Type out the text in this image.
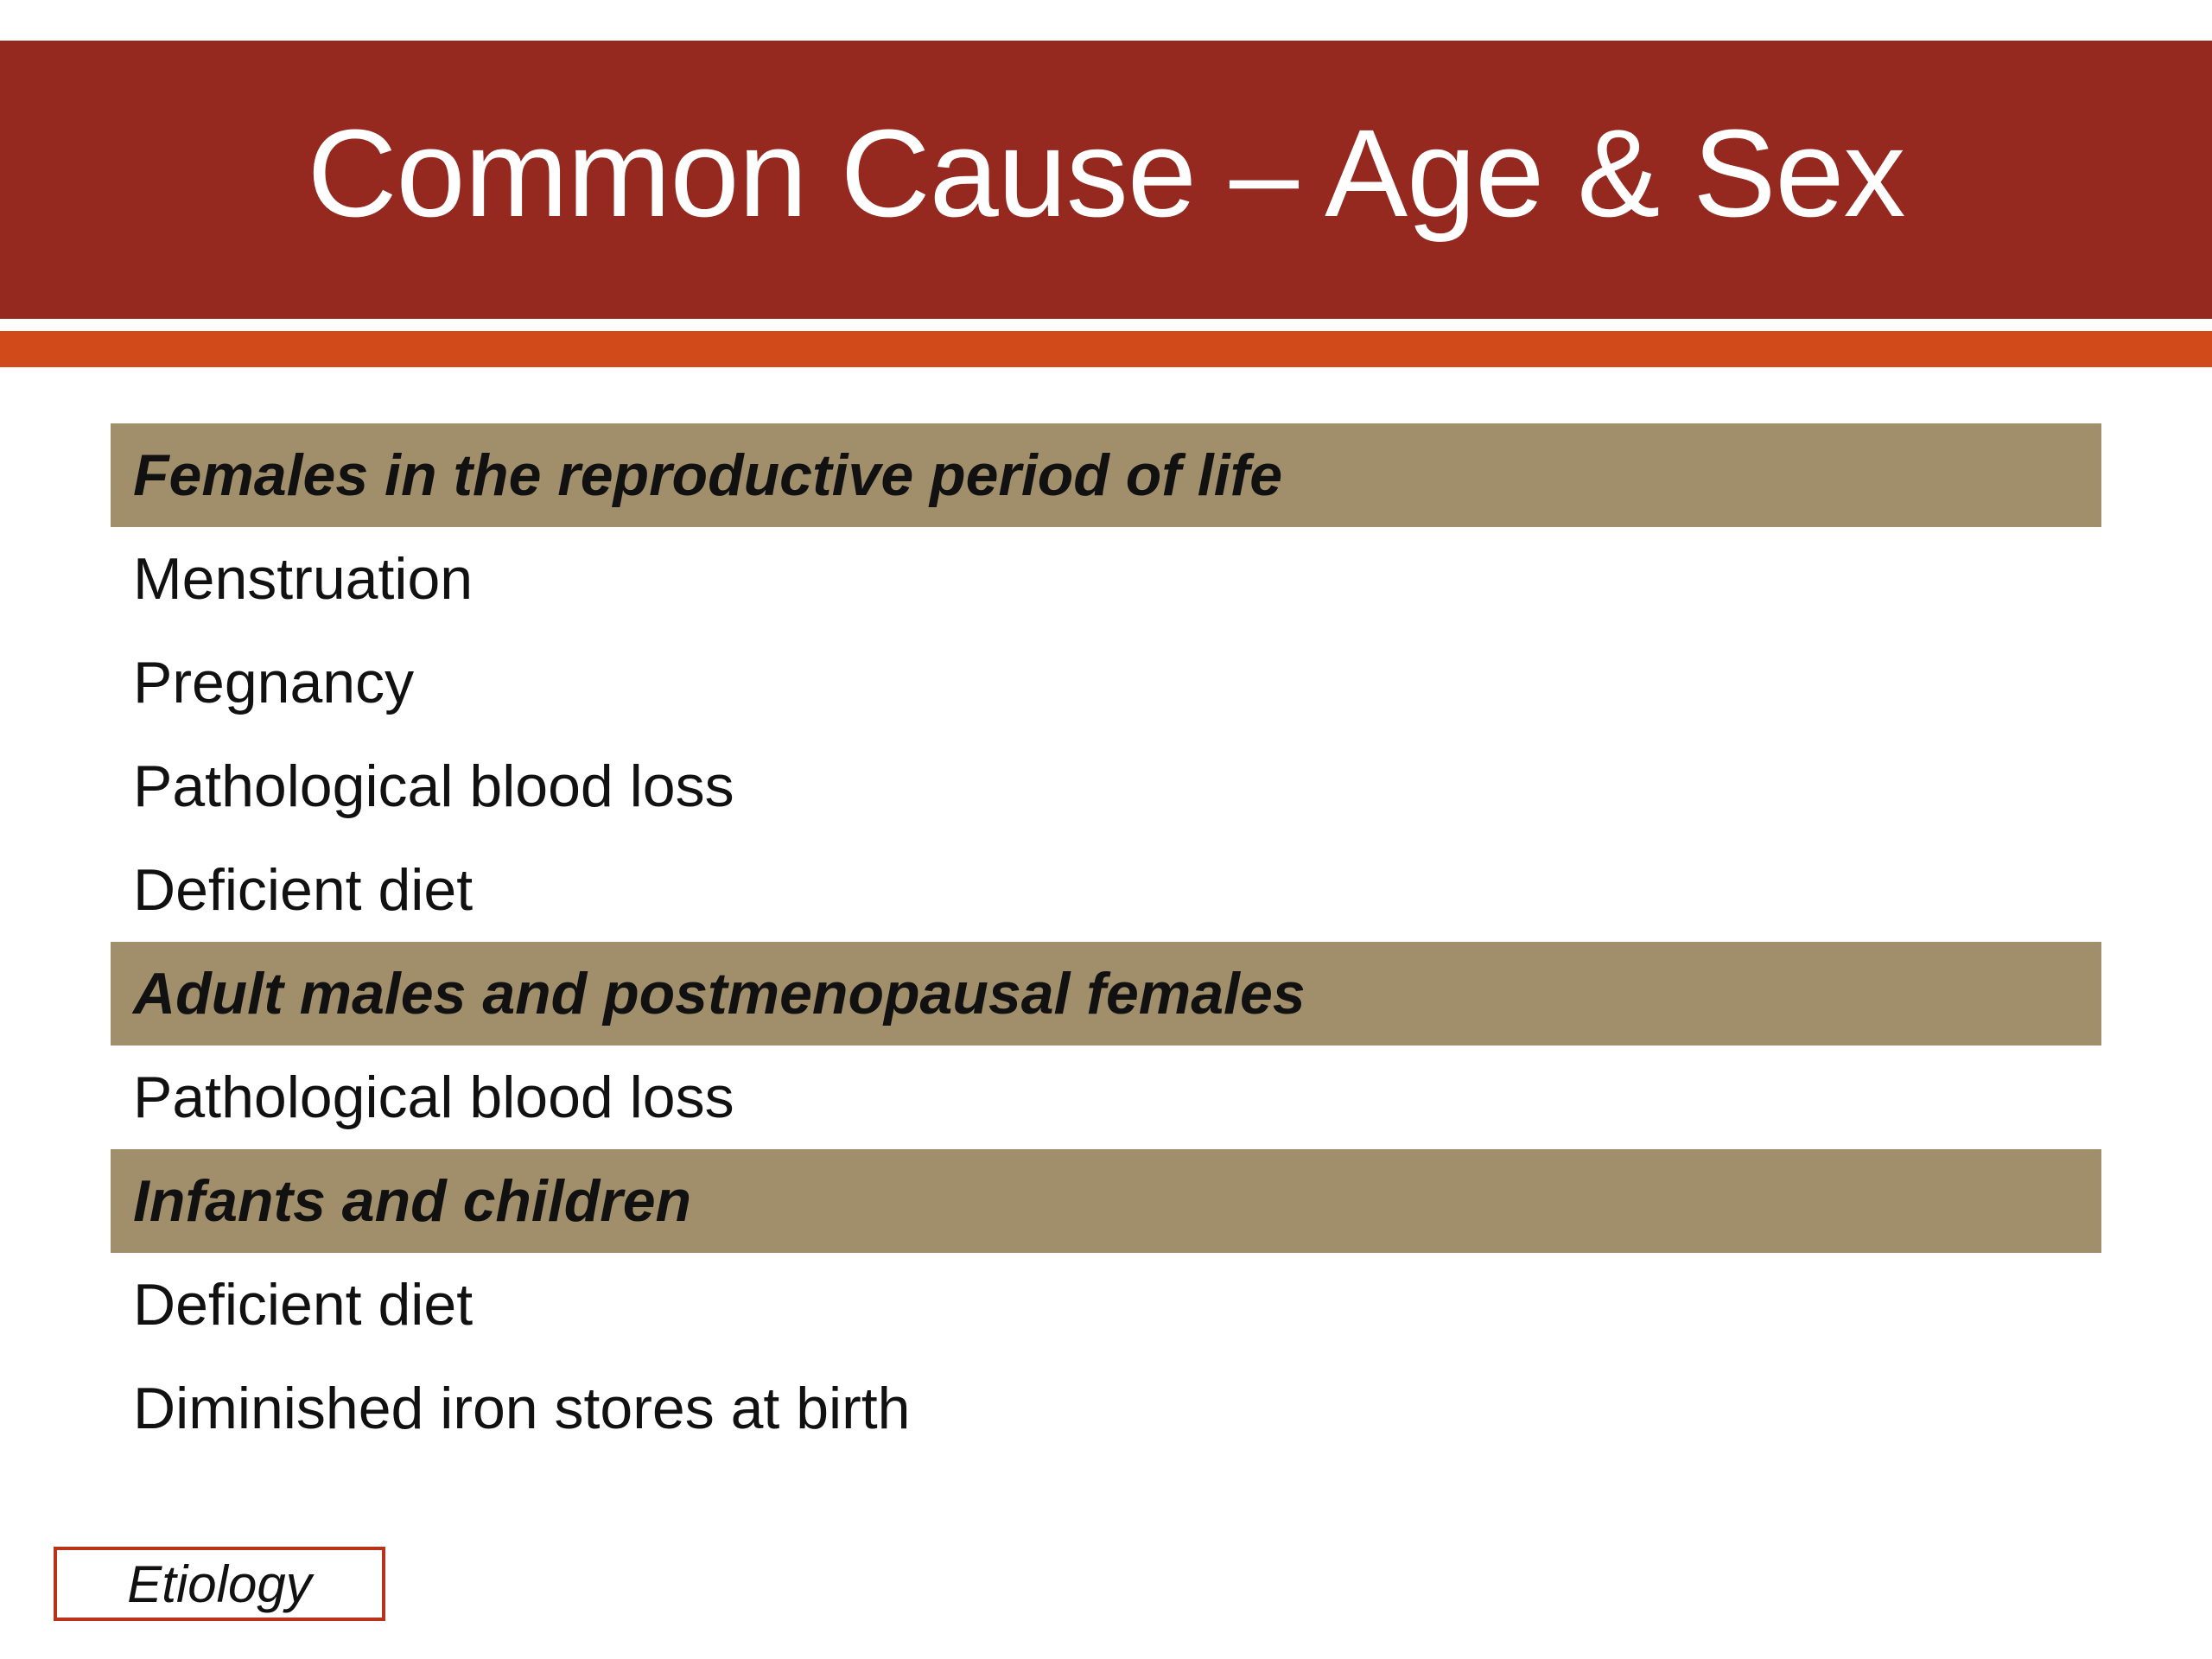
Common Cause – Age & Sex
Females in the reproductive period of life
Menstruation
Pregnancy
Pathological blood loss
Deficient diet
Adult males and postmenopausal females
Pathological blood loss
Infants and children
Deficient diet
Diminished iron stores at birth
Etiology
